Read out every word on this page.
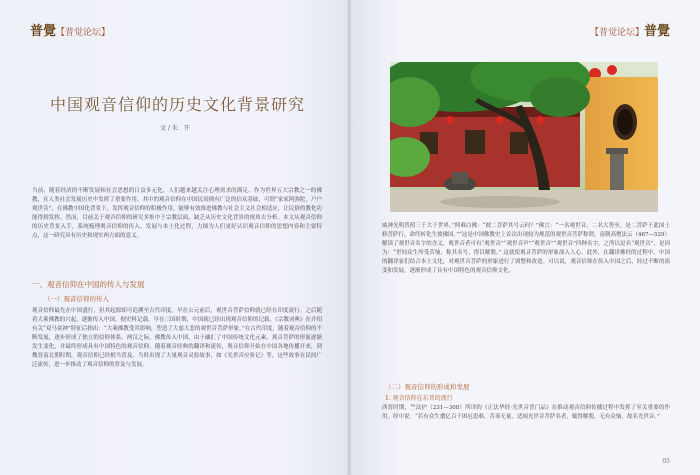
普覺【普觉论坛】
中国观音信仰的历史文化背景研究
文 / 朱　开
当前，随着经济的不断发展和社会思想的日益多元化，人们越来越关注心理需求的满足。作为世界五大宗教之一的佛教，在人类社会发展历史中发挥了重要作用。其中的观音信仰在中国民间拥有广泛的信众基础，可谓“家家阿弥陀，户户观世音”。在佛教中国化背景下，发挥观音信仰的积极作用，能够有效推进佛教与社会主义社会相适应，让民俗的教化功能得到发挥。然而，目前关于观音信仰的研究多集中于宗教层面，缺乏从历史文化背景的视角去分析。本文从观音信仰的历史背景入手，系统梳理观音信仰的传入、发展与本土化过程，力图为人们更好认识观音信仰的思想内容和主要特点，这一研究具有历史和现实两方面的意义。
一、观音信仰在中国的传入与发展
（一）观音信仰的传入
观音信仰最先在中国盛行，但其起源却可追溯至古代印度。早在公元前后，观世音菩萨信仰就已经在印度流行。之后随着大乘佛教的兴起，逐渐传入中国。据史料记载，早在三国时期，中国就已经出现观音信仰的记载。《宗教词典》在介绍有关“双马童神”特征后指出：“大乘佛教受其影响，塑造了大慈大悲的观世音菩萨形象。”在古代印度，随着观音信仰的不断发展，逐步形成了独立的信仰体系。两汉之际，佛教传入中国，由于融汇了中国传统文化元素，观音菩萨的形象逐渐发生变化，并最终形成具有中国特色的观音信仰。随着观音经典的翻译和流传，观音信仰开始在中国各地传播开来，到魏晋南北朝时期，观音信仰已经相当普及。当时出现了大量观音灵验故事，如《光世音应验记》等，这些故事在民间广泛流传，进一步推动了观音信仰的普及与发展。
【普觉论坛】普覺
威神光明普照三千大千世界，”阿难白佛：“彼二菩萨其号云何？”佛言：“一名观世音，二名大势至。是二菩萨于此国土修菩萨行，命终转化生彼佛国。”“这是中国佛教史上首次出现较为规范的观世音菩萨称谓。南朝高僧法云（467—529）解读了观世音名字的含义，观世音者可有“观世音”“观世音声”“观世音”“观世音”四种名字，之所以是名“观世音”，是因为：“世间众生所受苦恼，称其名号，得以解脱。” 这就使观音菩萨的形象深入人心。此外，在翻译佛经的过程中，中国的翻译家们结合本土文化，对观世音菩萨的形象进行了调整和改造。可以说，观音信仰在传入中国之后，经过不断的演变和发展，逐渐形成了具有中国特色的观音信仰文化。
（二）观音信仰的形成和发展
1. 观音信仰在东晋的流行
西晋时期，竺法护（231—308）所译的《正法华经·光世音普门品》在推动观音信仰传播过程中发挥了至关重要的作用。经中说：“若有众生遭亿百千困厄患难，苦毒无量，适闻光世音菩萨名者，辄得解脱，无有众恼，故名光世音。”
05
